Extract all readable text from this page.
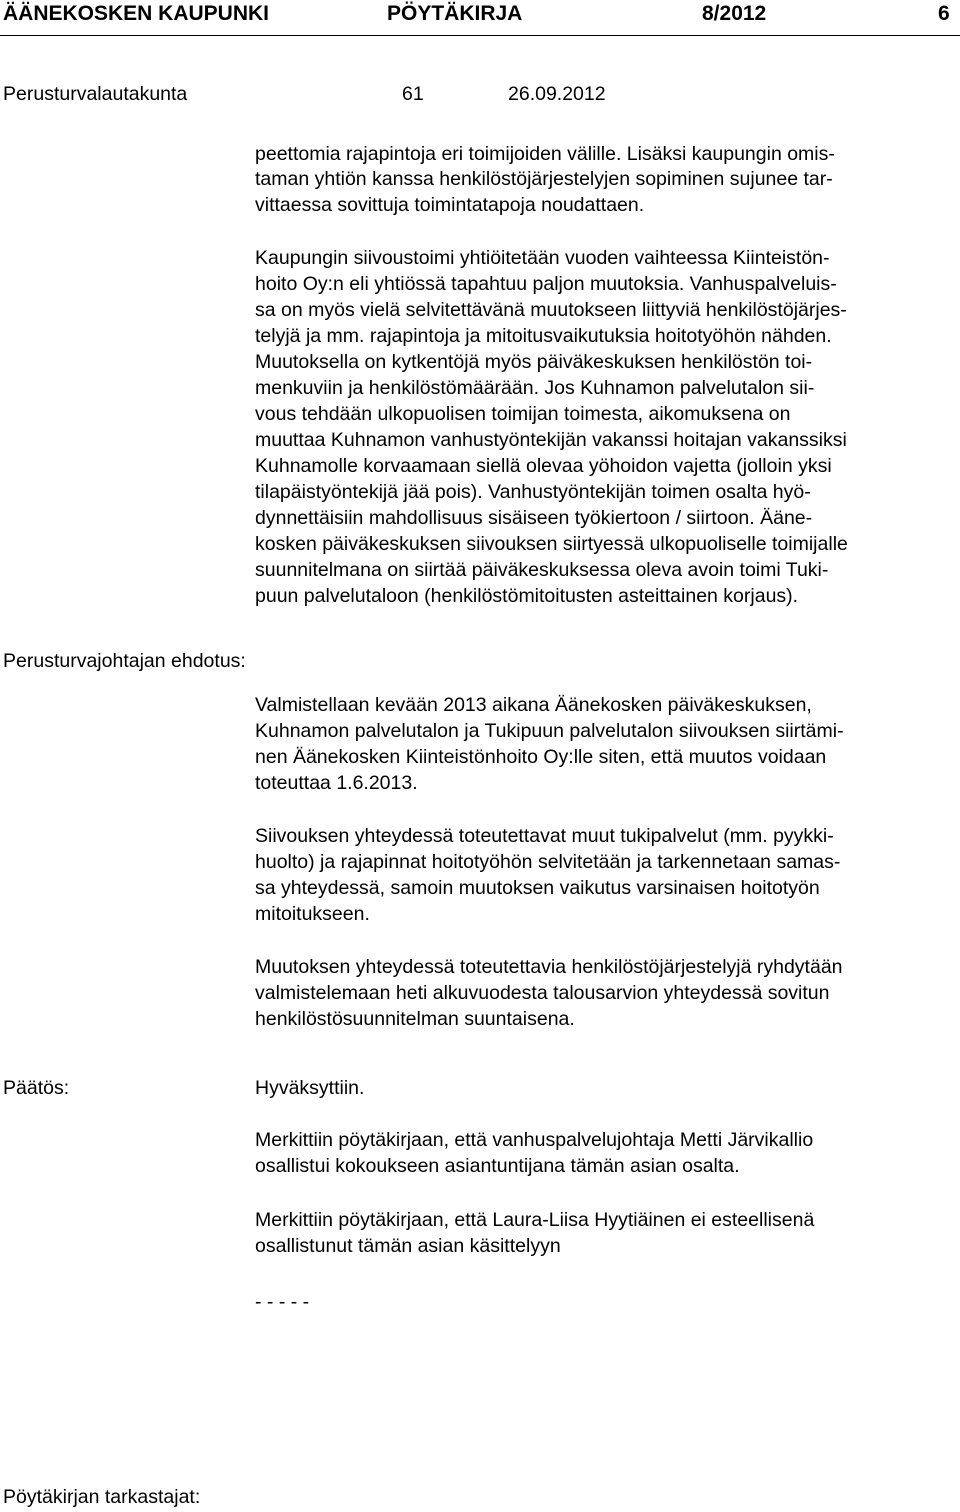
ÄÄNEKOSKEN KAUPUNKI	PÖYTÄKIRJA	8/2012	6
Perusturvalautakunta	61	26.09.2012
Perusturvajohtajan ehdotus:
Päätös:
Pöytäkirjan tarkastajat:
peettomia rajapintoja eri toimijoiden välille. Lisäksi kaupungin omis-
taman yhtiön kanssa henkilöstöjärjestelyjen sopiminen sujunee tar-
vittaessa sovittuja toimintatapoja noudattaen.
Kaupungin siivoustoimi yhtiöitetään vuoden vaihteessa Kiinteistön-
hoito Oy:n eli yhtiössä tapahtuu paljon muutoksia. Vanhuspalveluis-
sa on myös vielä selvitettävänä muutokseen liittyviä henkilöstöjärjes-
telyjä ja mm. rajapintoja ja mitoitusvaikutuksia hoitotyöhön nähden.
Muutoksella on kytkentöjä myös päiväkeskuksen henkilöstön toi-
menkuviin ja henkilöstömäärään. Jos Kuhnamon palvelutalon sii-
vous tehdään ulkopuolisen toimijan toimesta, aikomuksena on
muuttaa Kuhnamon vanhustyöntekijän vakanssi hoitajan vakanssiksi
Kuhnamolle korvaamaan siellä olevaa yöhoidon vajetta (jolloin yksi
tilapäistyöntekijä jää pois). Vanhustyöntekijän toimen osalta hyö-
dynnettäisiin mahdollisuus sisäiseen työkiertoon / siirtoon. Ääne-
kosken päiväkeskuksen siivouksen siirtyessä ulkopuoliselle toimijalle
suunnitelmana on siirtää päiväkeskuksessa oleva avoin toimi Tuki-
puun palvelutaloon (henkilöstömitoitusten asteittainen korjaus).
Valmistellaan kevään 2013 aikana Äänekosken päiväkeskuksen,
Kuhnamon palvelutalon ja Tukipuun palvelutalon siivouksen siirtämi-
nen Äänekosken Kiinteistönhoito Oy:lle siten, että muutos voidaan
toteuttaa 1.6.2013.
Siivouksen yhteydessä toteutettavat muut tukipalvelut (mm. pyykki-
huolto) ja rajapinnat hoitotyöhön selvitetään ja tarkennetaan samas-
sa yhteydessä, samoin muutoksen vaikutus varsinaisen hoitotyön
mitoitukseen.
Muutoksen yhteydessä toteutettavia henkilöstöjärjestelyjä ryhdytään
valmistelemaan heti alkuvuodesta talousarvion yhteydessä sovitun
henkilöstösuunnitelman suuntaisena.
Hyväksyttiin.
Merkittiin pöytäkirjaan, että vanhuspalvelujohtaja Metti Järvikallio
osallistui kokoukseen asiantuntijana tämän asian osalta.
Merkittiin pöytäkirjaan, että Laura-Liisa Hyytiäinen ei esteellisenä
osallistunut tämän asian käsittelyyn
- - - - -
